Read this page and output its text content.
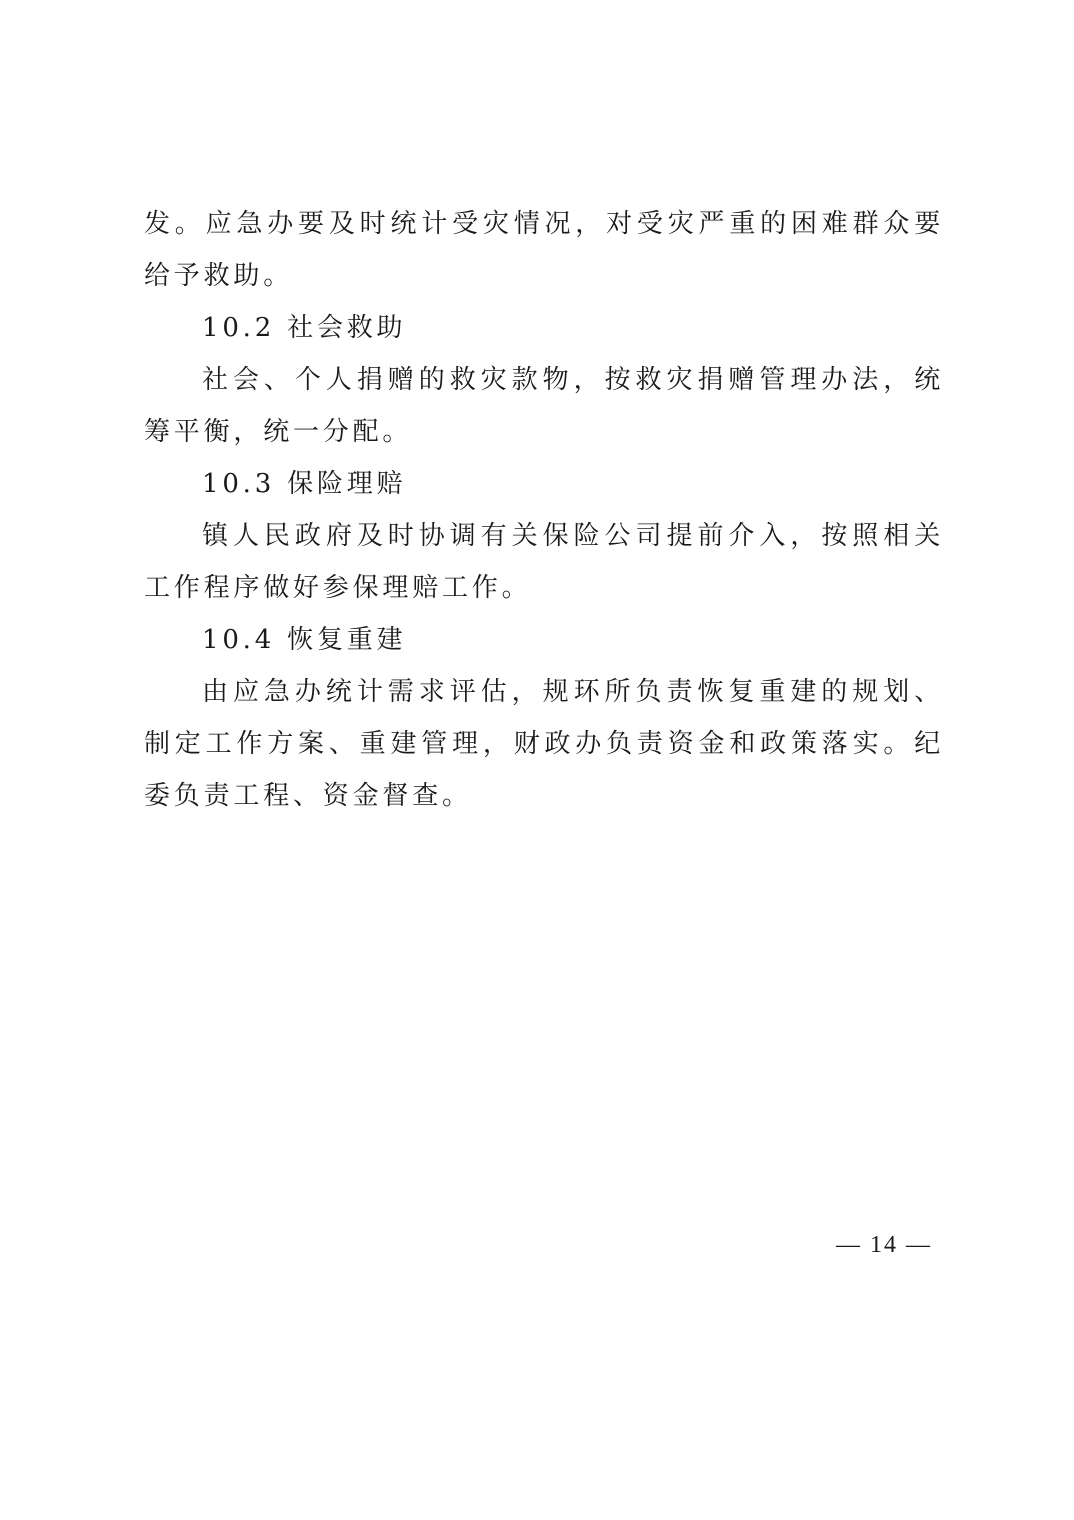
发。应急办要及时统计受灾情况，对受灾严重的困难群众要给予救助。

10.2 社会救助

社会、个人捐赠的救灾款物，按救灾捐赠管理办法，统筹平衡，统一分配。

10.3 保险理赔

镇人民政府及时协调有关保险公司提前介入，按照相关工作程序做好参保理赔工作。

10.4 恢复重建

由应急办统计需求评估，规环所负责恢复重建的规划、制定工作方案、重建管理，财政办负责资金和政策落实。纪委负责工程、资金督查。

— 14 —
